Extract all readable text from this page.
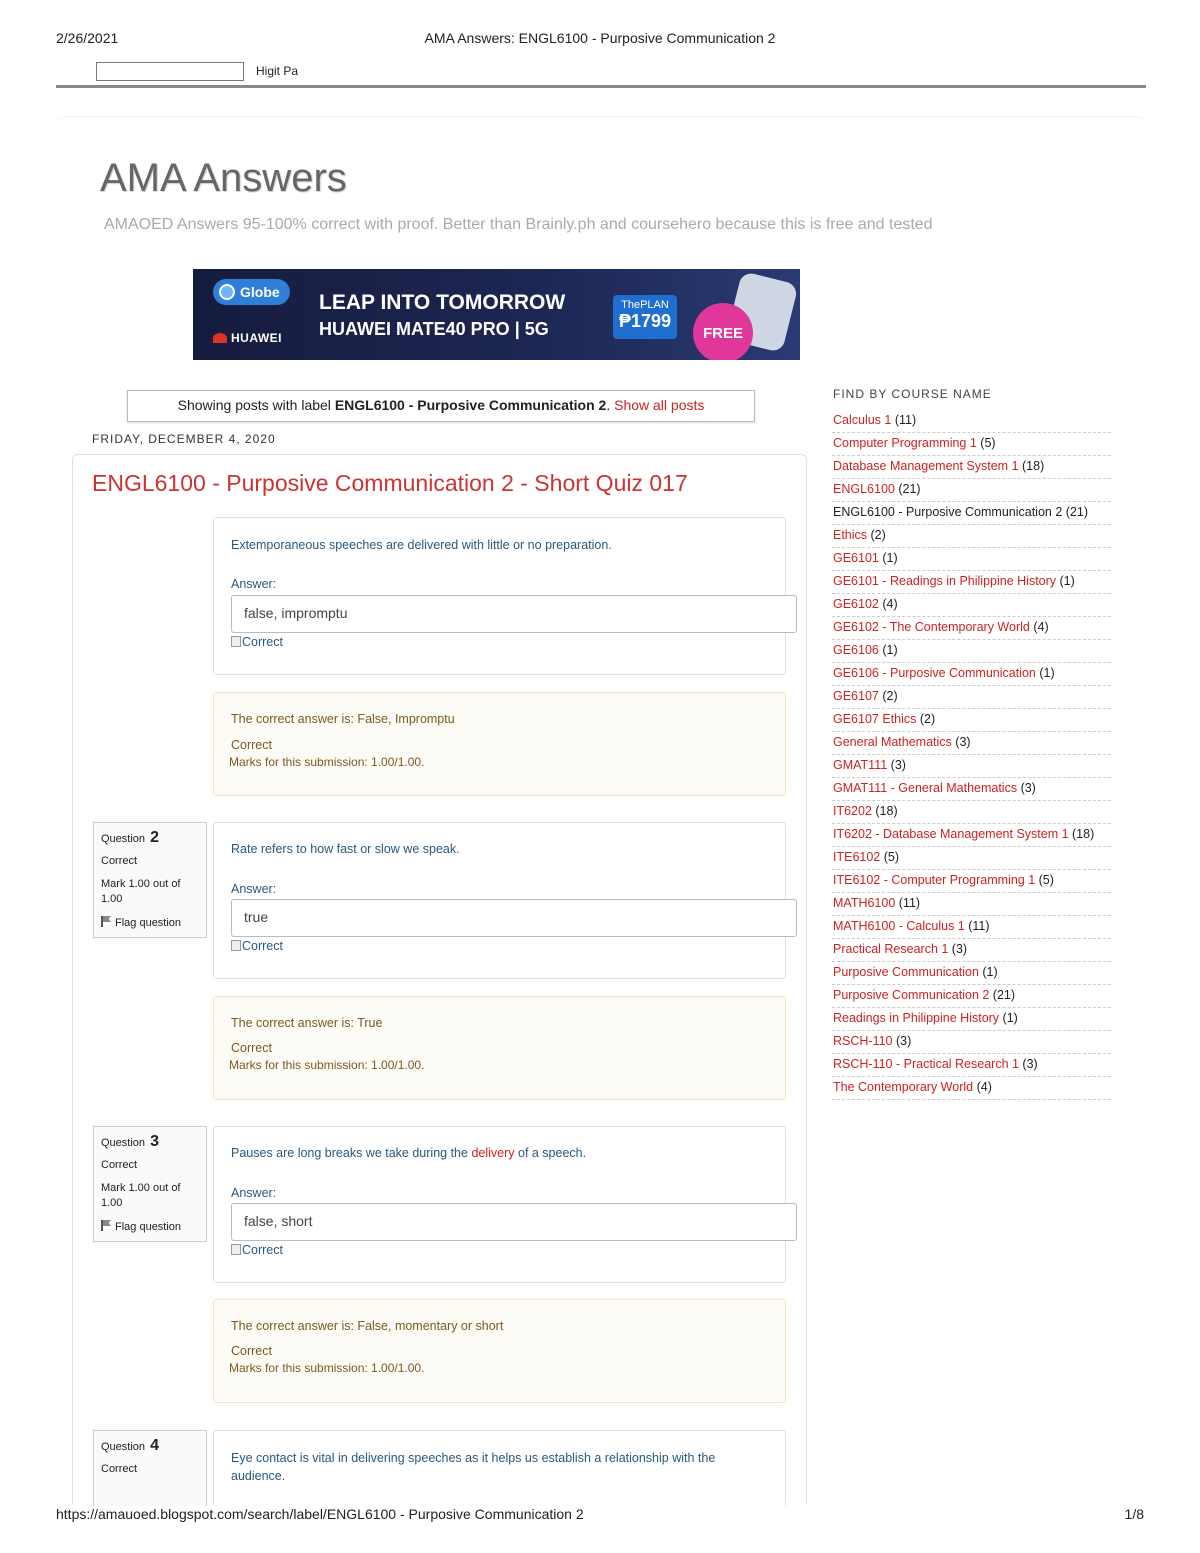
2/26/2021	AMA Answers: ENGL6100 - Purposive Communication 2
Higit Pa
AMA Answers
AMAOED Answers 95-100% correct with proof. Better than Brainly.ph and coursehero because this is free and tested
Globe
HUAWEI
LEAP INTO TOMORROW
HUAWEI MATE40 PRO | 5G
ThePLAN
₱1799
FREE
Showing posts with label ENGL6100 - Purposive Communication 2. Show all posts
FRIDAY, DECEMBER 4, 2020
ENGL6100 - Purposive Communication 2 - Short Quiz 017
Extemporaneous speeches are delivered with little or no preparation.
Answer:
false, impromptu
Correct
The correct answer is: False, Impromptu
Correct
Marks for this submission: 1.00/1.00.
Question 2
Correct
Mark 1.00 out of 1.00
Flag question
Rate refers to how fast or slow we speak.
Answer:
true
Correct
The correct answer is: True
Correct
Marks for this submission: 1.00/1.00.
Question 3
Correct
Mark 1.00 out of 1.00
Flag question
Pauses are long breaks we take during the delivery of a speech.
Answer:
false, short
Correct
The correct answer is: False, momentary or short
Correct
Marks for this submission: 1.00/1.00.
Question 4
Correct
Eye contact is vital in delivering speeches as it helps us establish a relationship with the audience.
FIND BY COURSE NAME
Calculus 1 (11)
Computer Programming 1 (5)
Database Management System 1 (18)
ENGL6100 (21)
ENGL6100 - Purposive Communication 2 (21)
Ethics (2)
GE6101 (1)
GE6101 - Readings in Philippine History (1)
GE6102 (4)
GE6102 - The Contemporary World (4)
GE6106 (1)
GE6106 - Purposive Communication (1)
GE6107 (2)
GE6107 Ethics (2)
General Mathematics (3)
GMAT111 (3)
GMAT111 - General Mathematics (3)
IT6202 (18)
IT6202 - Database Management System 1 (18)
ITE6102 (5)
ITE6102 - Computer Programming 1 (5)
MATH6100 (11)
MATH6100 - Calculus 1 (11)
Practical Research 1 (3)
Purposive Communication (1)
Purposive Communication 2 (21)
Readings in Philippine History (1)
RSCH-110 (3)
RSCH-110 - Practical Research 1 (3)
The Contemporary World (4)
https://amauoed.blogspot.com/search/label/ENGL6100 - Purposive Communication 2	1/8
